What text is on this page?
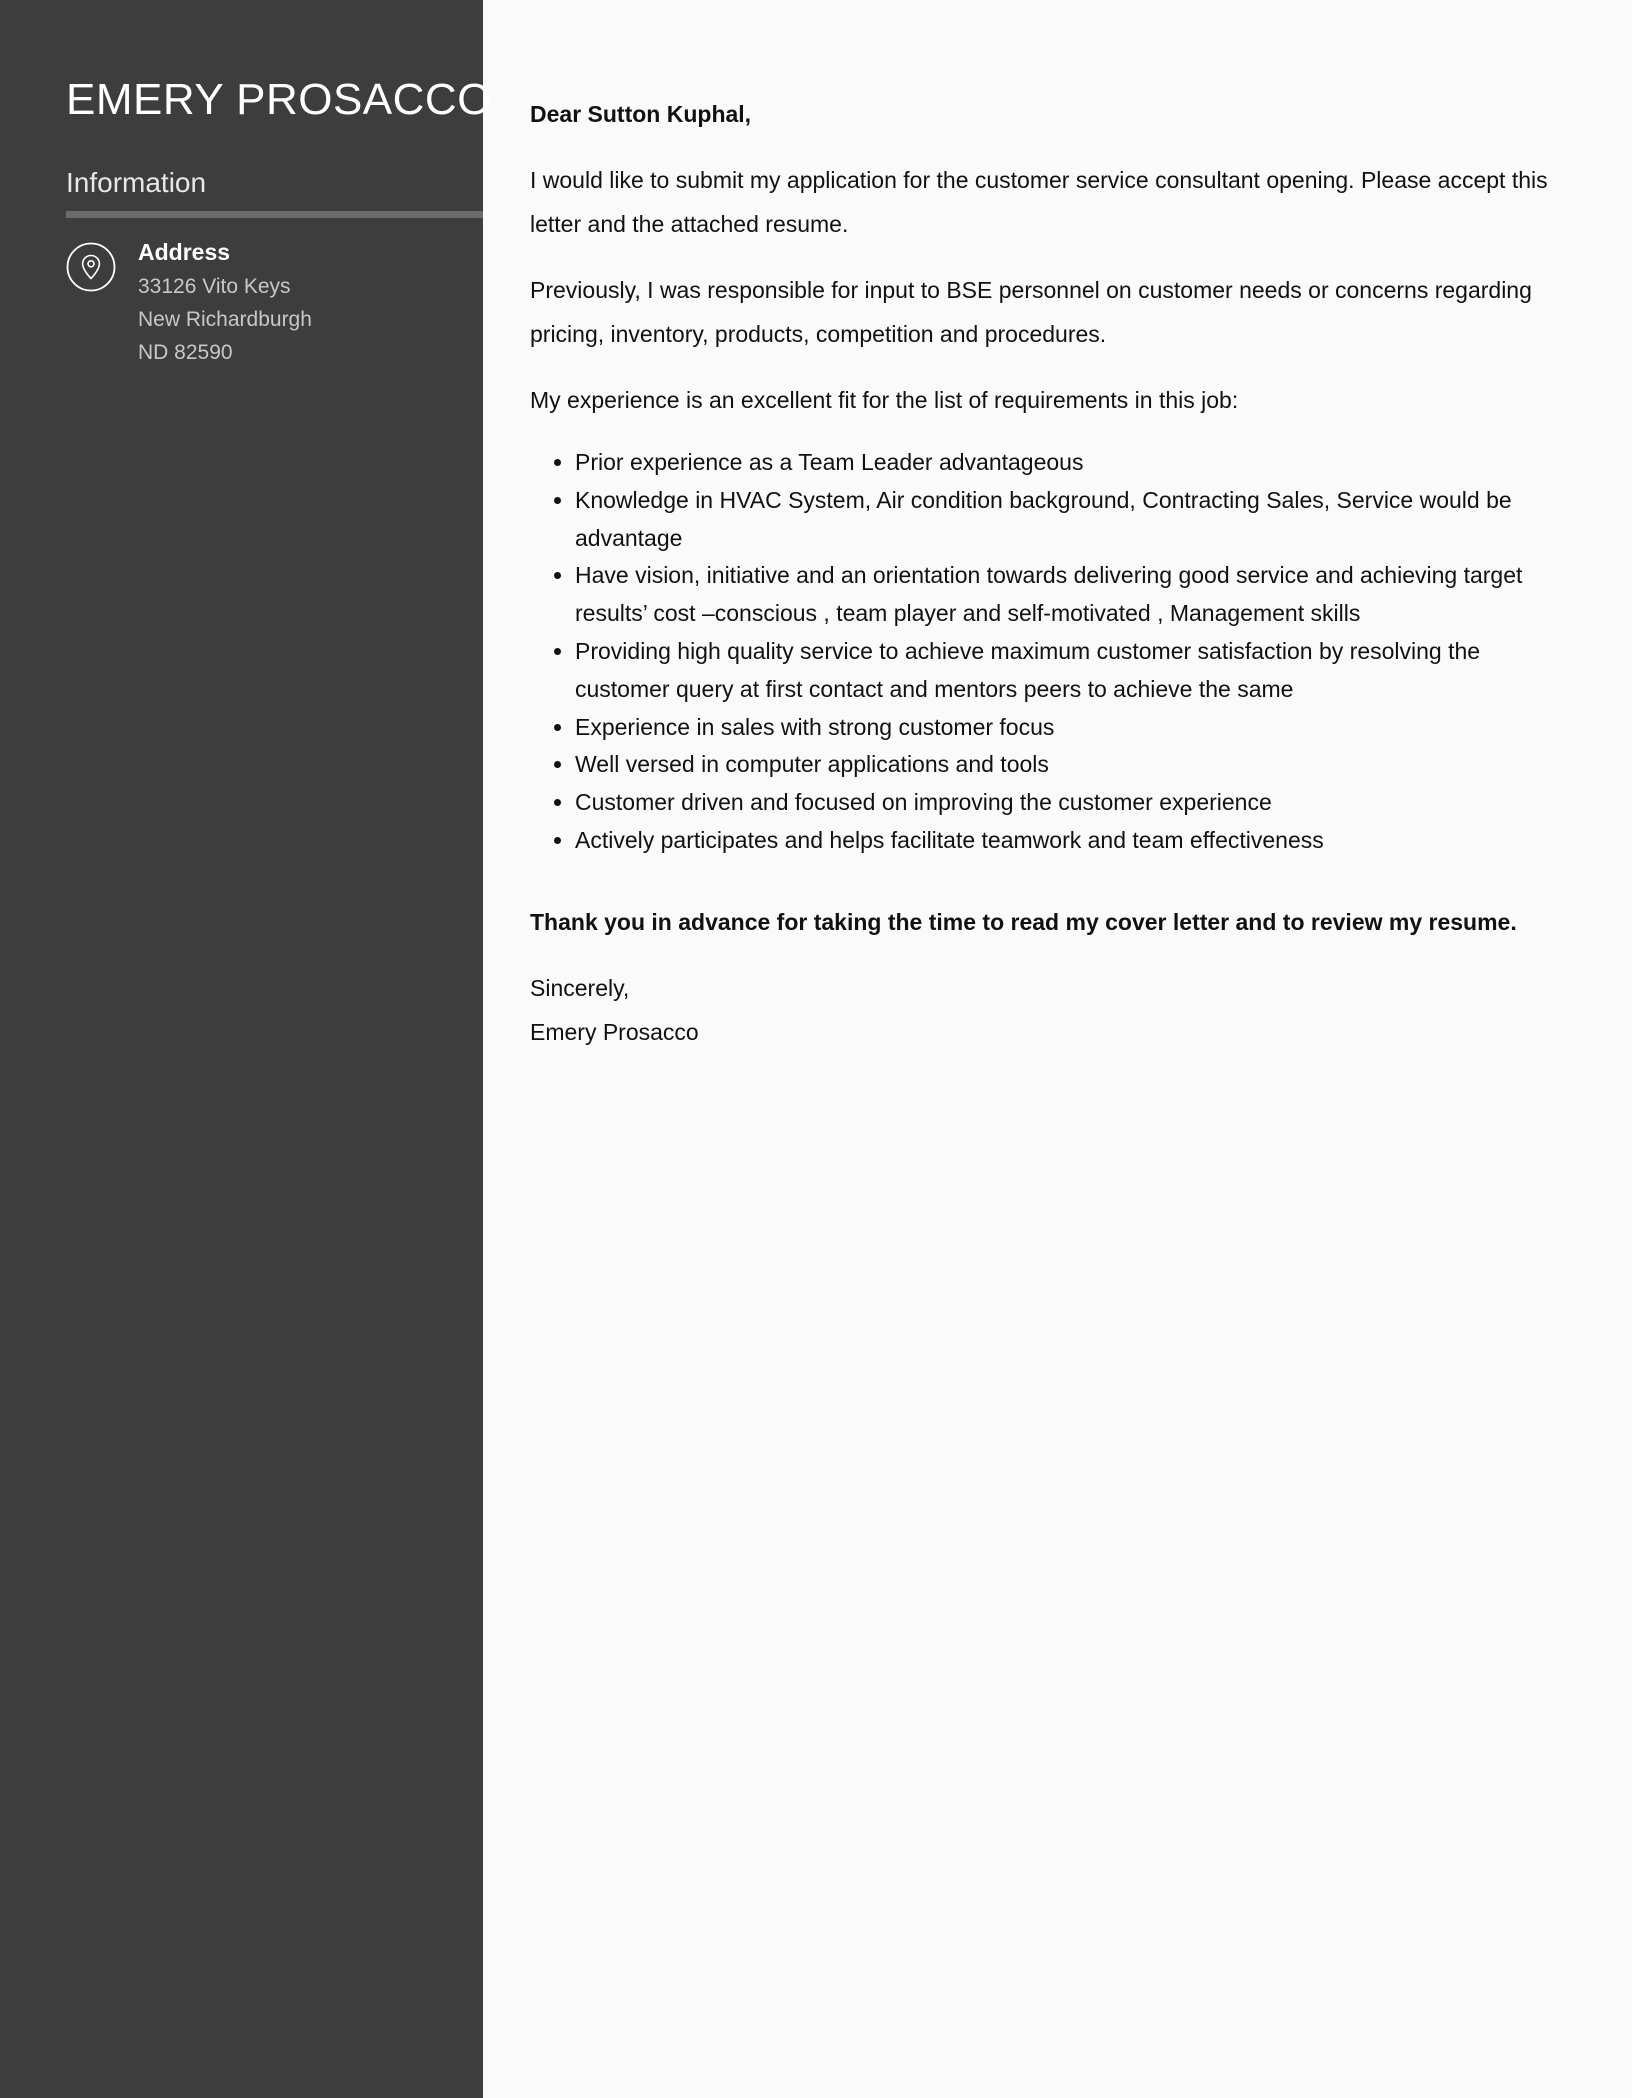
EMERY PROSACCO
Information
Address
33126 Vito Keys
New Richardburgh
ND 82590

Dear Sutton Kuphal,

I would like to submit my application for the customer service consultant opening. Please accept this letter and the attached resume.

Previously, I was responsible for input to BSE personnel on customer needs or concerns regarding pricing, inventory, products, competition and procedures.

My experience is an excellent fit for the list of requirements in this job:

• Prior experience as a Team Leader advantageous
• Knowledge in HVAC System, Air condition background, Contracting Sales, Service would be advantage
• Have vision, initiative and an orientation towards delivering good service and achieving target results’ cost –conscious , team player and self-motivated , Management skills
• Providing high quality service to achieve maximum customer satisfaction by resolving the customer query at first contact and mentors peers to achieve the same
• Experience in sales with strong customer focus
• Well versed in computer applications and tools
• Customer driven and focused on improving the customer experience
• Actively participates and helps facilitate teamwork and team effectiveness

Thank you in advance for taking the time to read my cover letter and to review my resume.

Sincerely,
Emery Prosacco
